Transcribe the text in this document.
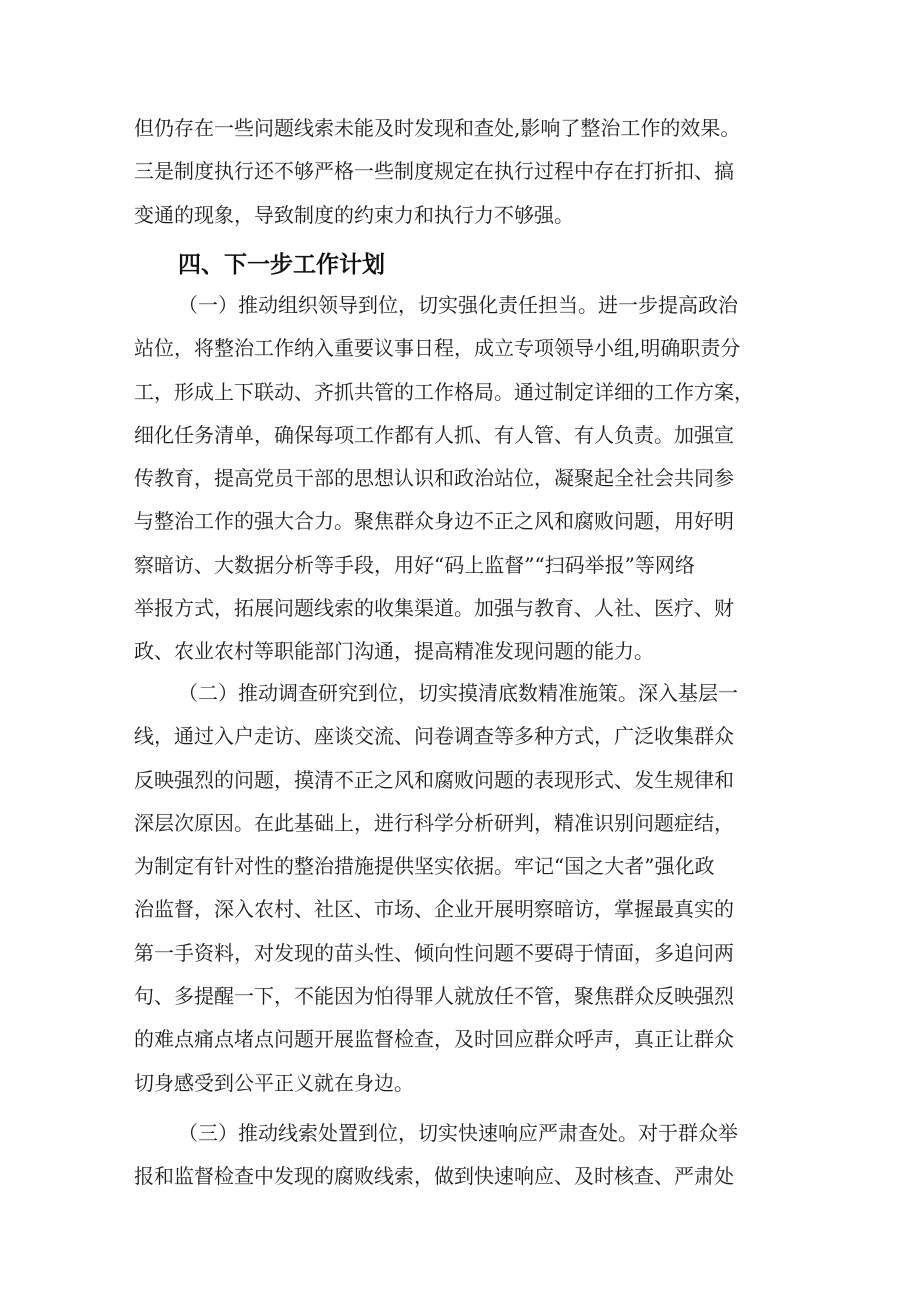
但仍存在一些问题线索未能及时发现和查处,影响了整治工作的效果。
三是制度执行还不够严格一些制度规定在执行过程中存在打折扣、搞
变通的现象，导致制度的约束力和执行力不够强。
四、下一步工作计划
（一）推动组织领导到位，切实强化责任担当。进一步提高政治
站位，将整治工作纳入重要议事日程，成立专项领导小组,明确职责分
工，形成上下联动、齐抓共管的工作格局。通过制定详细的工作方案，
细化任务清单，确保每项工作都有人抓、有人管、有人负责。加强宣
传教育，提高党员干部的思想认识和政治站位，凝聚起全社会共同参
与整治工作的强大合力。聚焦群众身边不正之风和腐败问题，用好明
察暗访、大数据分析等手段，用好“码上监督”“扫码举报”等网络
举报方式，拓展问题线索的收集渠道。加强与教育、人社、医疗、财
政、农业农村等职能部门沟通，提高精准发现问题的能力。
（二）推动调查研究到位，切实摸清底数精准施策。深入基层一
线，通过入户走访、座谈交流、问卷调查等多种方式，广泛收集群众
反映强烈的问题，摸清不正之风和腐败问题的表现形式、发生规律和
深层次原因。在此基础上，进行科学分析研判，精准识别问题症结，
为制定有针对性的整治措施提供坚实依据。牢记“国之大者”强化政
治监督，深入农村、社区、市场、企业开展明察暗访，掌握最真实的
第一手资料，对发现的苗头性、倾向性问题不要碍于情面，多追问两
句、多提醒一下，不能因为怕得罪人就放任不管，聚焦群众反映强烈
的难点痛点堵点问题开展监督检查，及时回应群众呼声，真正让群众
切身感受到公平正义就在身边。
（三）推动线索处置到位，切实快速响应严肃查处。对于群众举
报和监督检查中发现的腐败线索，做到快速响应、及时核查、严肃处
